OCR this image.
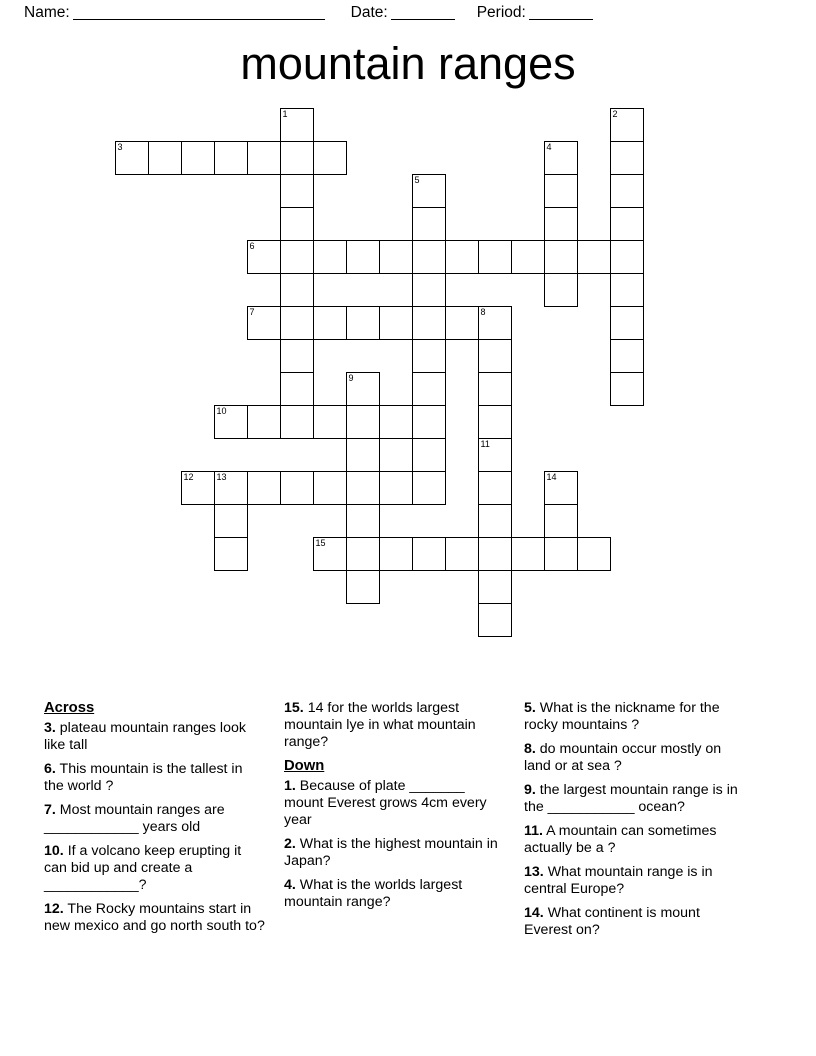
Name:	Date:	Period:
mountain ranges
1	2
3	4
5
6
7	8
9
10
11
12	13	14
15
Across
3. plateau mountain ranges look like tall
6. This mountain is the tallest in the world ?
7. Most mountain ranges are ____________ years old
10. If a volcano keep erupting it can bid up and create a ____________?
12. The Rocky mountains start in new mexico and go north south to?
15. 14 for the worlds largest mountain lye in what mountain range?
Down
1. Because of plate _______ mount Everest grows 4cm every year
2. What is the highest mountain in Japan?
4. What is the worlds largest mountain range?
5. What is the nickname for the rocky mountains ?
8. do mountain occur mostly on land or at sea ?
9. the largest mountain range is in the ___________ ocean?
11. A mountain can sometimes actually be a ?
13. What mountain range is in central Europe?
14. What continent is mount Everest on?
